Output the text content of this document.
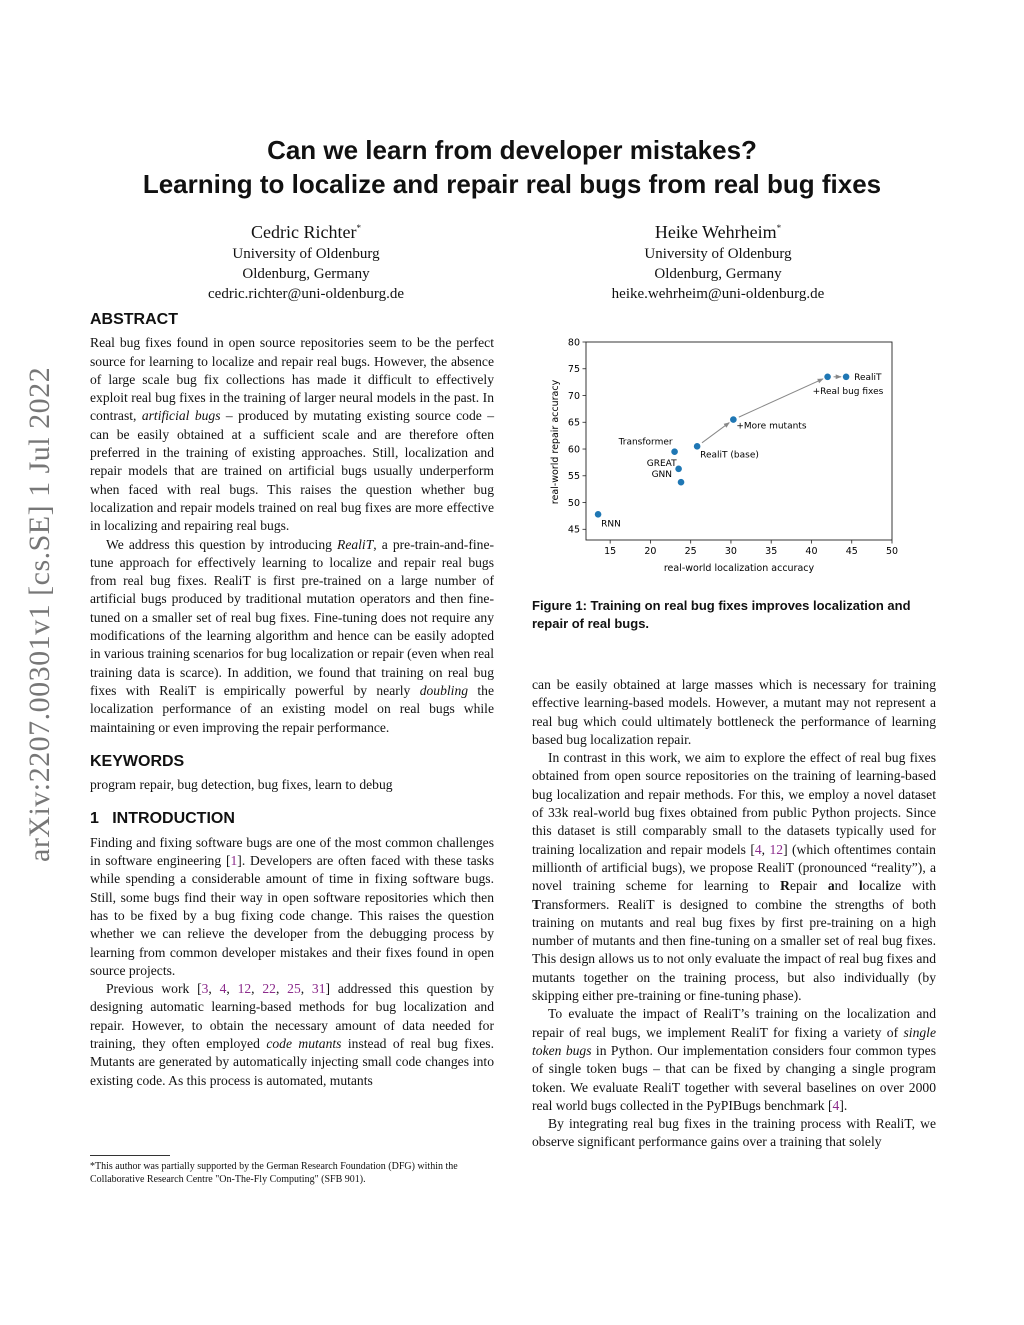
Can we learn from developer mistakes?
Learning to localize and repair real bugs from real bug fixes
Cedric Richter*
University of Oldenburg
Oldenburg, Germany
cedric.richter@uni-oldenburg.de
Heike Wehrheim*
University of Oldenburg
Oldenburg, Germany
heike.wehrheim@uni-oldenburg.de
arXiv:2207.00301v1 [cs.SE] 1 Jul 2022
ABSTRACT

Real bug fixes found in open source repositories seem to be the perfect source for learning to localize and repair real bugs. However, the absence of large scale bug fix collections has made it difficult to effectively exploit real bug fixes in the training of larger neural models in the past. In contrast, artificial bugs – produced by mutating existing source code – can be easily obtained at a sufficient scale and are therefore often preferred in the training of existing approaches. Still, localization and repair models that are trained on artificial bugs usually underperform when faced with real bugs. This raises the question whether bug localization and repair models trained on real bug fixes are more effective in localizing and repairing real bugs.

We address this question by introducing RealiT, a pre-train-and-fine-tune approach for effectively learning to localize and repair real bugs from real bug fixes. RealiT is first pre-trained on a large number of artificial bugs produced by traditional mutation operators and then fine-tuned on a smaller set of real bug fixes. Fine-tuning does not require any modifications of the learning algorithm and hence can be easily adopted in various training scenarios for bug localization or repair (even when real training data is scarce). In addition, we found that training on real bug fixes with RealiT is empirically powerful by nearly doubling the localization performance of an existing model on real bugs while maintaining or even improving the repair performance.

KEYWORDS

program repair, bug detection, bug fixes, learn to debug

1   INTRODUCTION

Finding and fixing software bugs are one of the most common challenges in software engineering [1]. Developers are often faced with these tasks while spending a considerable amount of time in fixing software bugs. Still, some bugs find their way in open software repositories which then has to be fixed by a bug fixing code change. This raises the question whether we can relieve the developer from the debugging process by learning from common developer mistakes and their fixes found in open source projects.

Previous work [3, 4, 12, 22, 25, 31] addressed this question by designing automatic learning-based methods for bug localization and repair. However, to obtain the necessary amount of data needed for training, they often employed code mutants instead of real bug fixes. Mutants are generated by automatically injecting small code changes into existing code. As this process is automated, mutants

*This author was partially supported by the German Research Foundation (DFG) within the Collaborative Research Centre "On-The-Fly Computing" (SFB 901).
15	20	25	30	35	40	45	50
45
50
55
60
65
70
75
80
RNN
Transformer
GREAT
GNN
RealiT (base)
+More mutants
+Real bug fixes
RealiT
real-world localization accuracy
real-world repair accuracy
Figure 1: Training on real bug fixes improves localization and repair of real bugs.

can be easily obtained at large masses which is necessary for training effective learning-based models. However, a mutant may not represent a real bug which could ultimately bottleneck the performance of learning based bug localization repair.

In contrast in this work, we aim to explore the effect of real bug fixes obtained from open source repositories on the training of learning-based bug localization and repair methods. For this, we employ a novel dataset of 33k real-world bug fixes obtained from public Python projects. Since this dataset is still comparably small to the datasets typically used for training localization and repair models [4, 12] (which oftentimes contain millionth of artificial bugs), we propose RealiT (pronounced “reality”), a novel training scheme for learning to Repair and localize with Transformers. RealiT is designed to combine the strengths of both training on mutants and real bug fixes by first pre-training on a high number of mutants and then fine-tuning on a smaller set of real bug fixes. This design allows us to not only evaluate the impact of real bug fixes and mutants together on the training process, but also individually (by skipping either pre-training or fine-tuning phase).

To evaluate the impact of RealiT’s training on the localization and repair of real bugs, we implement RealiT for fixing a variety of single token bugs in Python. Our implementation considers four common types of single token bugs – that can be fixed by changing a single program token. We evaluate RealiT together with several baselines on over 2000 real world bugs collected in the PyPIBugs benchmark [4].

By integrating real bug fixes in the training process with RealiT, we observe significant performance gains over a training that solely
